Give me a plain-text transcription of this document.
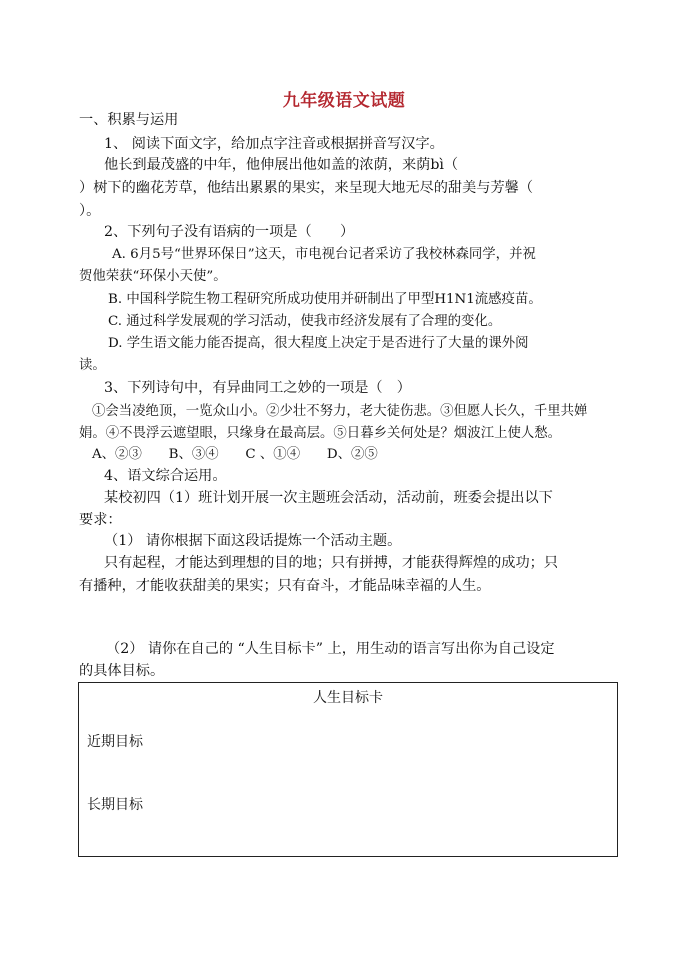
九年级语文试题
一、积累与运用
1、 阅读下面文字，给加点字注音或根据拼音写汉字。
他长到最茂盛的中年，他伸展出他如盖的浓荫，来荫bì（
）树下的幽花芳草，他结出累累的果实，来呈现大地无尽的甜美与芳馨（
）。
2、下列句子没有语病的一项是（　　）
A. 6月5号“世界环保日”这天，市电视台记者采访了我校林森同学，并祝
贺他荣获“环保小天使”。
B. 中国科学院生物工程研究所成功使用并研制出了甲型H1N1流感疫苗。
C. 通过科学发展观的学习活动，使我市经济发展有了合理的变化。
D. 学生语文能力能否提高，很大程度上决定于是否进行了大量的课外阅
读。
3、下列诗句中，有异曲同工之妙的一项是（　）
①会当凌绝顶，一览众山小。②少壮不努力，老大徒伤悲。③但愿人长久，千里共婵
娟。④不畏浮云遮望眼，只缘身在最高层。⑤日暮乡关何处是？烟波江上使人愁。
A、②③　　B、③④　　C 、①④　　D、②⑤
4、语文综合运用。
某校初四（1）班计划开展一次主题班会活动，活动前，班委会提出以下
要求：
（1） 请你根据下面这段话提炼一个活动主题。
只有起程，才能达到理想的目的地；只有拼搏，才能获得辉煌的成功；只
有播种，才能收获甜美的果实；只有奋斗，才能品味幸福的人生。
（2） 请你在自己的 “人生目标卡” 上，用生动的语言写出你为自己设定
的具体目标。
人生目标卡
近期目标
长期目标
